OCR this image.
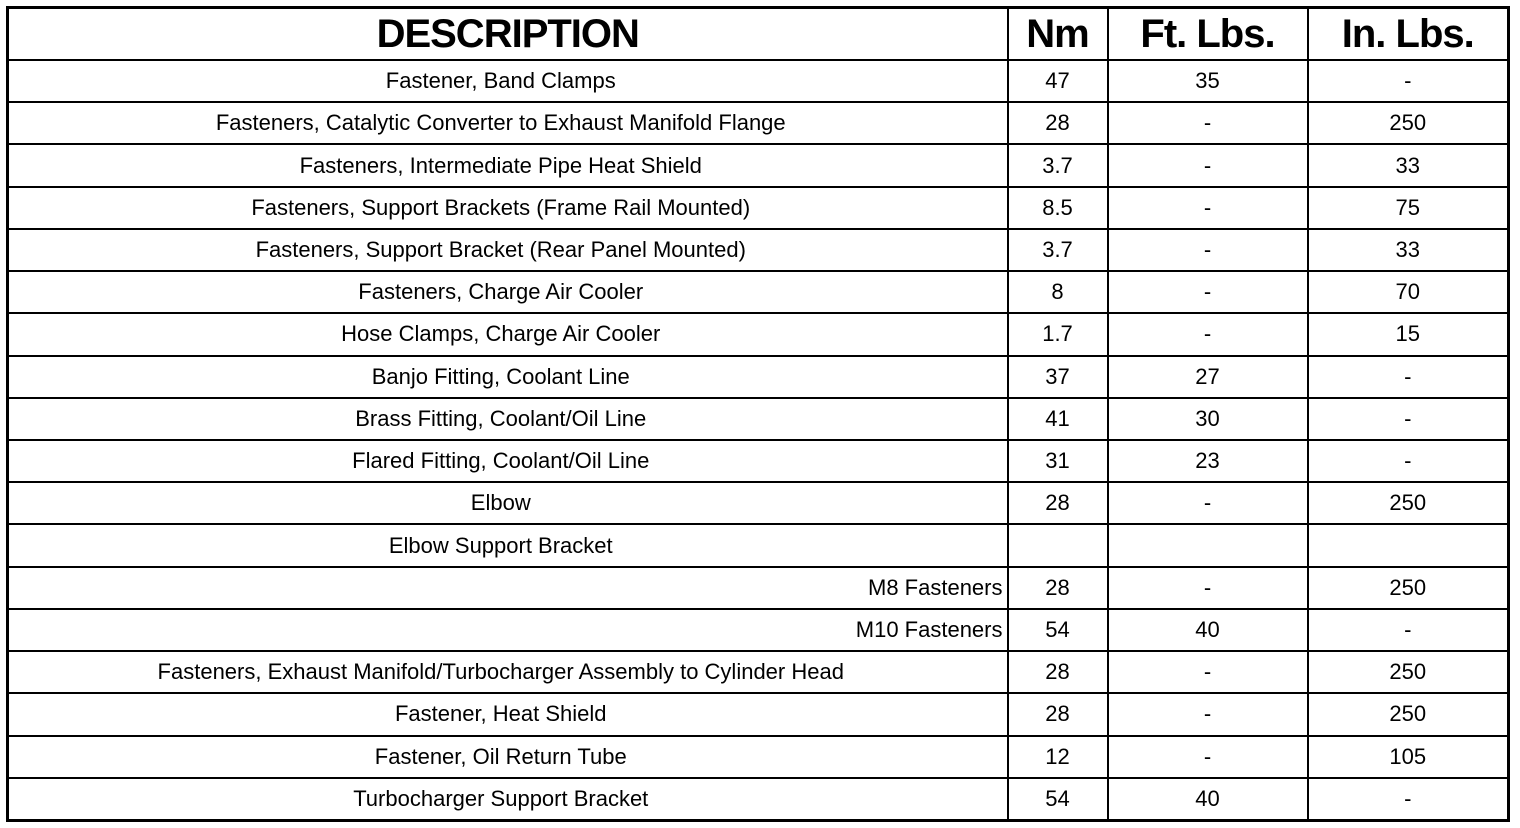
DESCRIPTION	Nm	Ft. Lbs.	In. Lbs.
Fastener, Band Clamps	47	35	-
Fasteners, Catalytic Converter to Exhaust Manifold Flange	28	-	250
Fasteners, Intermediate Pipe Heat Shield	3.7	-	33
Fasteners, Support Brackets (Frame Rail Mounted)	8.5	-	75
Fasteners, Support Bracket (Rear Panel Mounted)	3.7	-	33
Fasteners, Charge Air Cooler	8	-	70
Hose Clamps, Charge Air Cooler	1.7	-	15
Banjo Fitting, Coolant Line	37	27	-
Brass Fitting, Coolant/Oil Line	41	30	-
Flared Fitting, Coolant/Oil Line	31	23	-
Elbow	28	-	250
Elbow Support Bracket			
M8 Fasteners	28	-	250
M10 Fasteners	54	40	-
Fasteners, Exhaust Manifold/Turbocharger Assembly to Cylinder Head	28	-	250
Fastener, Heat Shield	28	-	250
Fastener, Oil Return Tube	12	-	105
Turbocharger Support Bracket	54	40	-
